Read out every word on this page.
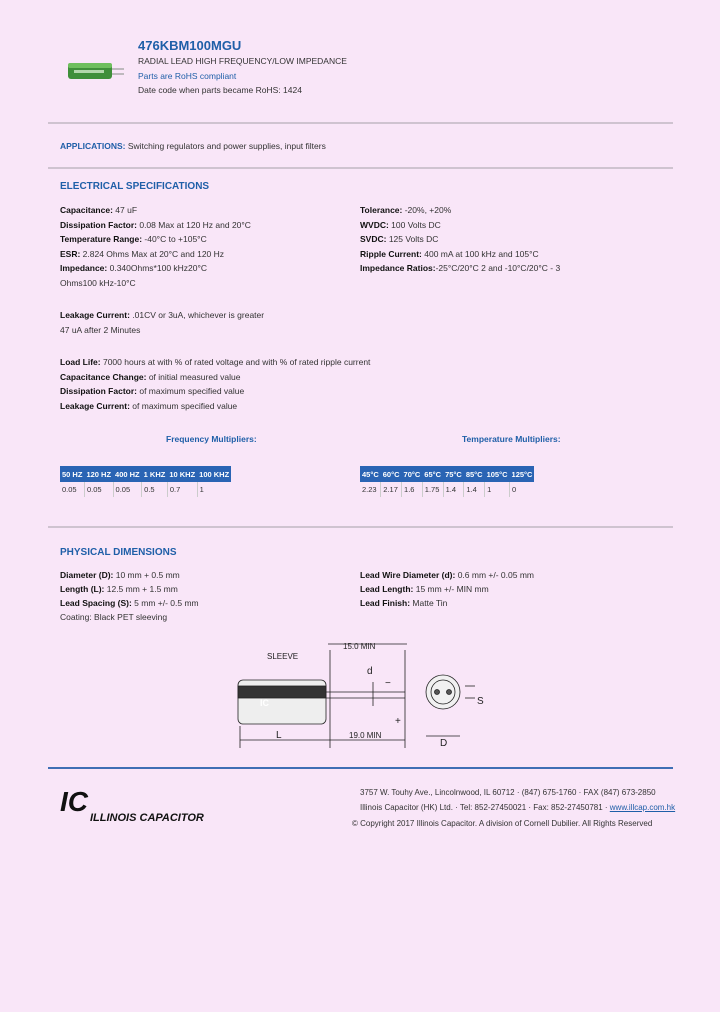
476KBM100MGU
RADIAL LEAD HIGH FREQUENCY/LOW IMPEDANCE
Parts are RoHS compliant
Date code when parts became RoHS: 1424
APPLICATIONS: Switching regulators and power supplies, input filters
ELECTRICAL SPECIFICATIONS
Capacitance: 47 uF
Dissipation Factor: 0.08 Max at 120 Hz and 20°C
Temperature Range: -40°C to +105°C
ESR: 2.824 Ohms Max at 20°C and 120 Hz
Impedance: 0.340Ohms*100 kHz20°C
Ohms100 kHz-10°C
Tolerance: -20%, +20%
WVDC: 100 Volts DC
SVDC: 125 Volts DC
Ripple Current: 400 mA at 100 kHz and 105°C
Impedance Ratios:-25°C/20°C 2 and -10°C/20°C - 3
Leakage Current: .01CV or 3uA, whichever is greater
47 uA after 2 Minutes
Load Life: 7000 hours at with % of rated voltage and with % of rated ripple current
Capacitance Change: of initial measured value
Dissipation Factor: of maximum specified value
Leakage Current: of maximum specified value
Frequency Multipliers:	Temperature Multipliers:
50 HZ	120 HZ	400 HZ	1 KHZ	10 KHZ	100 KHZ
0.05	0.05	0.05	0.5	0.7	1
45°C	60°C	70°C	65°C	75°C	85°C	105°C	125°C
2.23	2.17	1.6	1.75	1.4	1.4	1	0
PHYSICAL DIMENSIONS
Diameter (D): 10 mm + 0.5 mm
Length (L): 12.5 mm + 1.5 mm
Lead Spacing (S): 5 mm +/- 0.5 mm
Coating: Black PET sleeving
Lead Wire Diameter (d): 0.6 mm +/- 0.05 mm
Lead Length: 15 mm +/- MIN mm
Lead Finish: Matte Tin
SLEEVE
15.0 MIN
d
L	19.0 MIN
D
S
+
−
IC
IC
ILLINOIS CAPACITOR
3757 W. Touhy Ave., Lincolnwood, IL 60712 · (847) 675-1760 · FAX (847) 673-2850
Illinois Capacitor (HK) Ltd. · Tel: 852-27450021 · Fax: 852-27450781 · www.illcap.com.hk
© Copyright 2017 Illinois Capacitor. A division of Cornell Dubilier. All Rights Reserved
